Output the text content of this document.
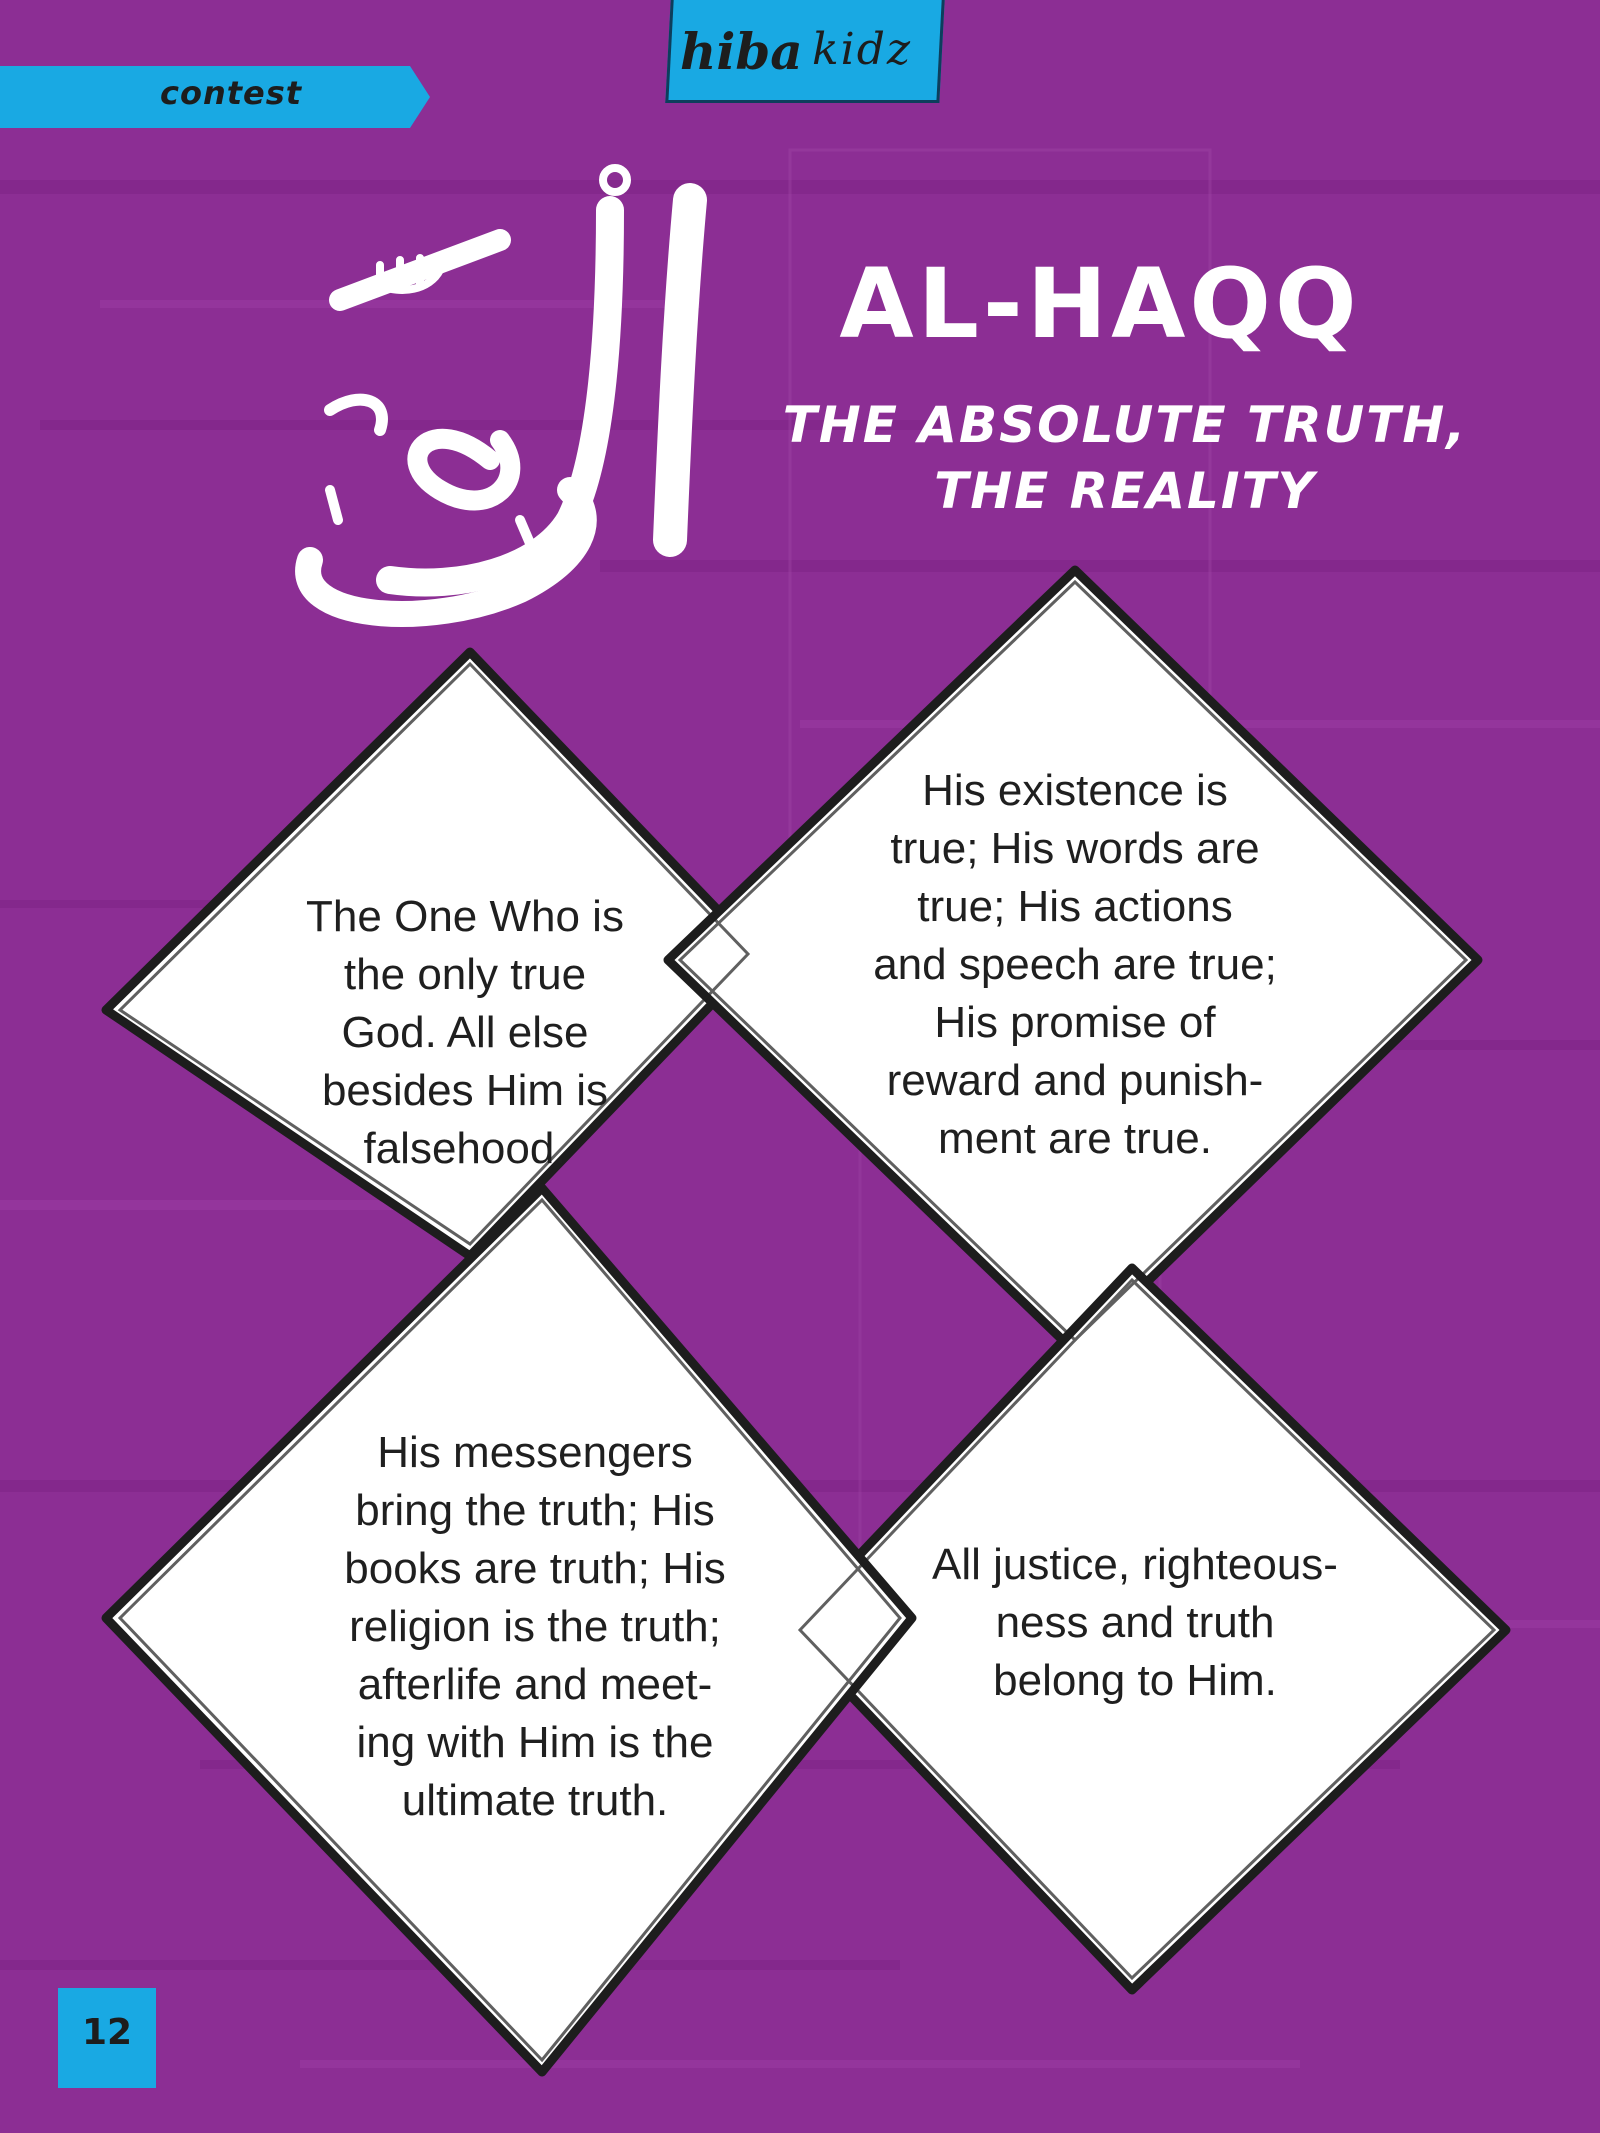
contest
hiba kidz
AL-HAQQ
THE ABSOLUTE TRUTH,
THE REALITY
The One Who is
the only true
God. All else
besides Him is
falsehood.
His existence is
true; His words are
true; His actions
and speech are true;
His promise of
reward and punish-
ment are true.
His messengers
bring the truth; His
books are truth; His
religion is the truth;
afterlife and meet-
ing with Him is the
ultimate truth.
All justice, righteous-
ness and truth
belong to Him.
12
